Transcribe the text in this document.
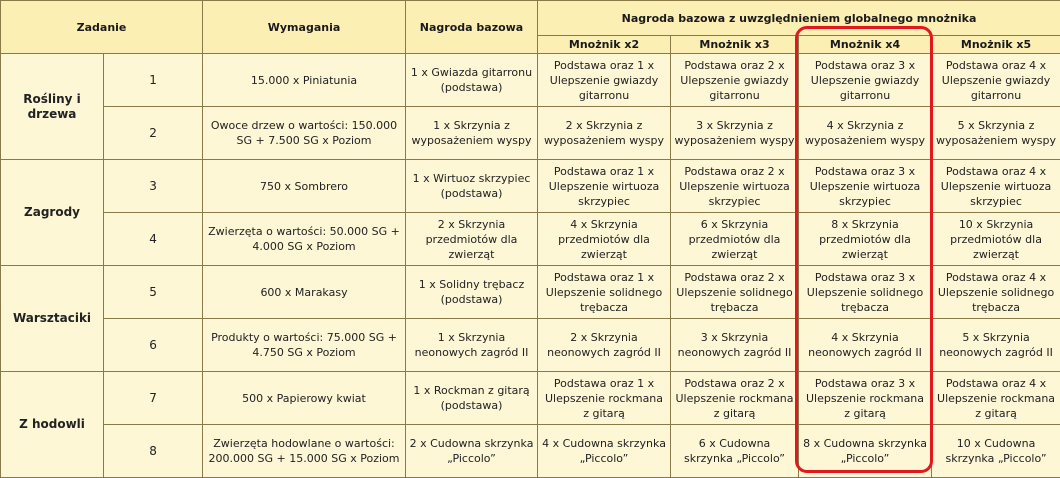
Zadanie		Wymagania	Nagroda bazowa	Nagroda bazowa z uwzględnieniem globalnego mnożnika			
				Mnożnik x2	Mnożnik x3	Mnożnik x4	Mnożnik x5
Rośliny i drzewa	1	15.000 x Piniatunia	1 x Gwiazda gitarronu (podstawa)	Podstawa oraz 1 x Ulepszenie gwiazdy gitarronu	Podstawa oraz 2 x Ulepszenie gwiazdy gitarronu	Podstawa oraz 3 x Ulepszenie gwiazdy gitarronu	Podstawa oraz 4 x Ulepszenie gwiazdy gitarronu
	2	Owoce drzew o wartości: 150.000 SG + 7.500 SG x Poziom	1 x Skrzynia z wyposażeniem wyspy	2 x Skrzynia z wyposażeniem wyspy	3 x Skrzynia z wyposażeniem wyspy	4 x Skrzynia z wyposażeniem wyspy	5 x Skrzynia z wyposażeniem wyspy
Zagrody	3	750 x Sombrero	1 x Wirtuoz skrzypiec (podstawa)	Podstawa oraz 1 x Ulepszenie wirtuoza skrzypiec	Podstawa oraz 2 x Ulepszenie wirtuoza skrzypiec	Podstawa oraz 3 x Ulepszenie wirtuoza skrzypiec	Podstawa oraz 4 x Ulepszenie wirtuoza skrzypiec
	4	Zwierzęta o wartości: 50.000 SG + 4.000 SG x Poziom	2 x Skrzynia przedmiotów dla zwierząt	4 x Skrzynia przedmiotów dla zwierząt	6 x Skrzynia przedmiotów dla zwierząt	8 x Skrzynia przedmiotów dla zwierząt	10 x Skrzynia przedmiotów dla zwierząt
Warsztaciki	5	600 x Marakasy	1 x Solidny trębacz (podstawa)	Podstawa oraz 1 x Ulepszenie solidnego trębacza	Podstawa oraz 2 x Ulepszenie solidnego trębacza	Podstawa oraz 3 x Ulepszenie solidnego trębacza	Podstawa oraz 4 x Ulepszenie solidnego trębacza
	6	Produkty o wartości: 75.000 SG + 4.750 SG x Poziom	1 x Skrzynia neonowych zagród II	2 x Skrzynia neonowych zagród II	3 x Skrzynia neonowych zagród II	4 x Skrzynia neonowych zagród II	5 x Skrzynia neonowych zagród II
Z hodowli	7	500 x Papierowy kwiat	1 x Rockman z gitarą (podstawa)	Podstawa oraz 1 x Ulepszenie rockmana z gitarą	Podstawa oraz 2 x Ulepszenie rockmana z gitarą	Podstawa oraz 3 x Ulepszenie rockmana z gitarą	Podstawa oraz 4 x Ulepszenie rockmana z gitarą
	8	Zwierzęta hodowlane o wartości: 200.000 SG + 15.000 SG x Poziom	2 x Cudowna skrzynka „Piccolo”	4 x Cudowna skrzynka „Piccolo”	6 x Cudowna skrzynka „Piccolo”	8 x Cudowna skrzynka „Piccolo”	10 x Cudowna skrzynka „Piccolo”
